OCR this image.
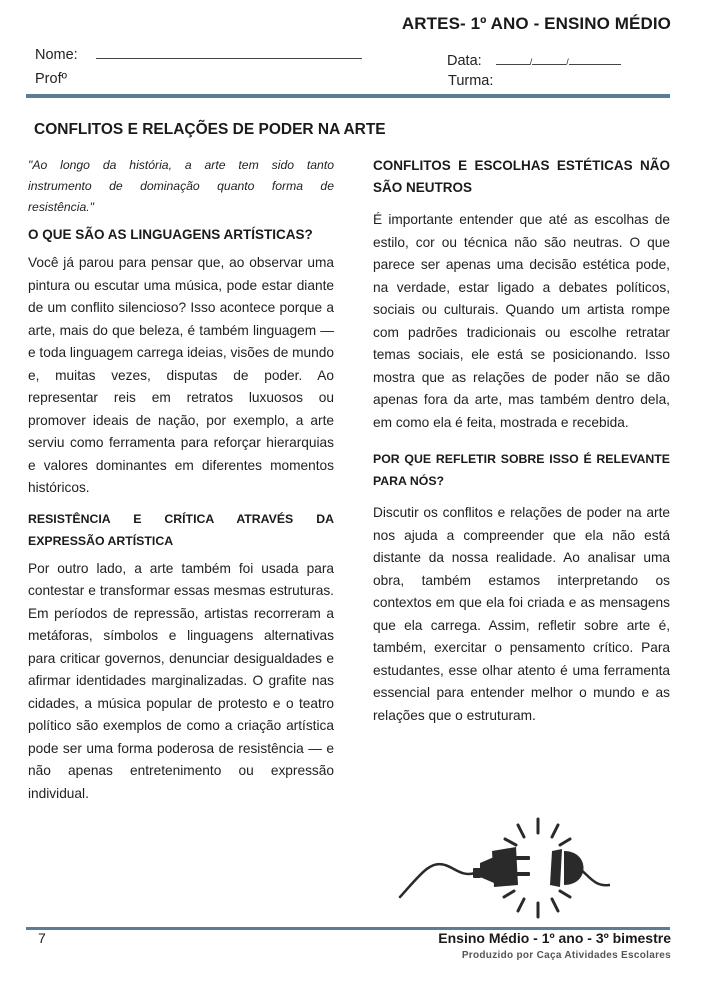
ARTES- 1º ANO - ENSINO MÉDIO
Nome:
Profº
Data:	/	/
Turma:
CONFLITOS E RELAÇÕES DE PODER NA ARTE

"Ao longo da história, a arte tem sido tanto instrumento de dominação quanto forma de resistência."

O QUE SÃO AS LINGUAGENS ARTÍSTICAS?

Você já parou para pensar que, ao observar uma pintura ou escutar uma música, pode estar diante de um conflito silencioso? Isso acontece porque a arte, mais do que beleza, é também linguagem — e toda linguagem carrega ideias, visões de mundo e, muitas vezes, disputas de poder. Ao representar reis em retratos luxuosos ou promover ideais de nação, por exemplo, a arte serviu como ferramenta para reforçar hierarquias e valores dominantes em diferentes momentos históricos.

RESISTÊNCIA E CRÍTICA ATRAVÉS DA EXPRESSÃO ARTÍSTICA

Por outro lado, a arte também foi usada para contestar e transformar essas mesmas estruturas. Em períodos de repressão, artistas recorreram a metáforas, símbolos e linguagens alternativas para criticar governos, denunciar desigualdades e afirmar identidades marginalizadas. O grafite nas cidades, a música popular de protesto e o teatro político são exemplos de como a criação artística pode ser uma forma poderosa de resistência — e não apenas entretenimento ou expressão individual.

CONFLITOS E ESCOLHAS ESTÉTICAS NÃO SÃO NEUTROS

É importante entender que até as escolhas de estilo, cor ou técnica não são neutras. O que parece ser apenas uma decisão estética pode, na verdade, estar ligado a debates políticos, sociais ou culturais. Quando um artista rompe com padrões tradicionais ou escolhe retratar temas sociais, ele está se posicionando. Isso mostra que as relações de poder não se dão apenas fora da arte, mas também dentro dela, em como ela é feita, mostrada e recebida.

POR QUE REFLETIR SOBRE ISSO É RELEVANTE PARA NÓS?

Discutir os conflitos e relações de poder na arte nos ajuda a compreender que ela não está distante da nossa realidade. Ao analisar uma obra, também estamos interpretando os contextos em que ela foi criada e as mensagens que ela carrega. Assim, refletir sobre arte é, também, exercitar o pensamento crítico. Para estudantes, esse olhar atento é uma ferramenta essencial para entender melhor o mundo e as relações que o estruturam.

7	Ensino Médio - 1º ano - 3º bimestre
Produzido por Caça Atividades Escolares
